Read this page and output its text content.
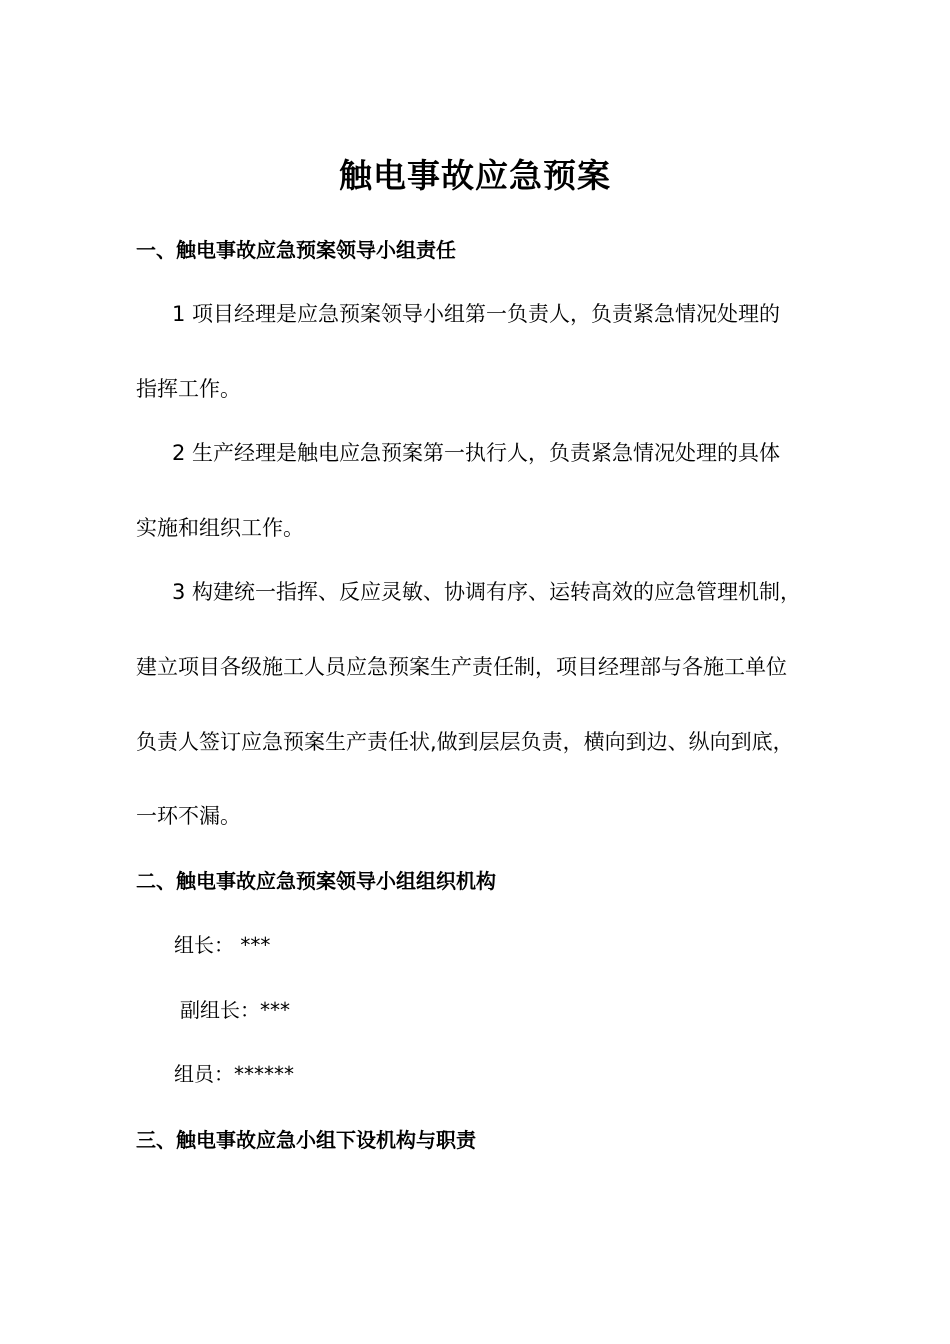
触电事故应急预案
一、触电事故应急预案领导小组责任
1 项目经理是应急预案领导小组第一负责人，负责紧急情况处理的
指挥工作。
2 生产经理是触电应急预案第一执行人，负责紧急情况处理的具体
实施和组织工作。
3 构建统一指挥、反应灵敏、协调有序、运转高效的应急管理机制，
建立项目各级施工人员应急预案生产责任制，项目经理部与各施工单位
负责人签订应急预案生产责任状,做到层层负责，横向到边、纵向到底，
一环不漏。
二、触电事故应急预案领导小组组织机构
组长： ***
副组长：***
组员：******
三、触电事故应急小组下设机构与职责
